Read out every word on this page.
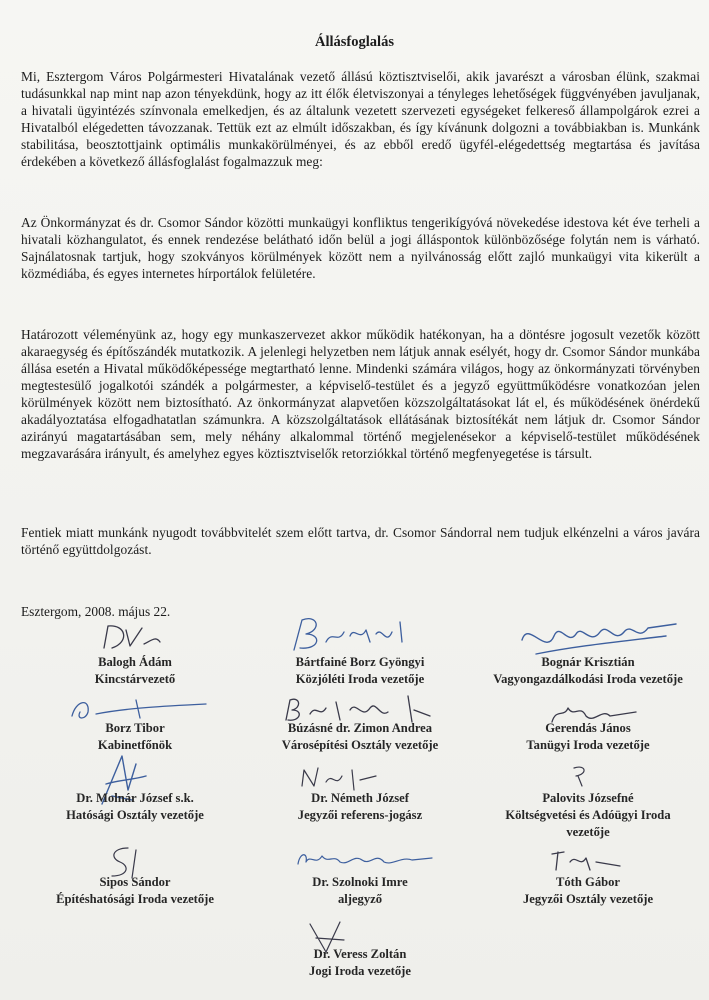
Állásfoglalás

Mi, Esztergom Város Polgármesteri Hivatalának vezető állású köztisztviselői, akik javarészt a városban élünk, szakmai tudásunkkal nap mint nap azon tényekdünk, hogy az itt élők életviszonyai a tényleges lehetőségek függvényében javuljanak, a hivatali ügyintézés színvonala emelkedjen, és az általunk vezetett szervezeti egységeket felkereső állampolgárok ezrei a Hivatalból elégedetten távozzanak. Tettük ezt az elmúlt időszakban, és így kívánunk dolgozni a továbbiakban is. Munkánk stabilitása, beosztottjaink optimális munkakörülményei, és az ebből eredő ügyfél-elégedettség megtartása és javítása érdekében a következő állásfoglalást fogalmazzuk meg:

Az Önkormányzat és dr. Csomor Sándor közötti munkaügyi konfliktus tengerikígyóvá növekedése idestova két éve terheli a hivatali közhangulatot, és ennek rendezése belátható időn belül a jogi álláspontok különbözősége folytán nem is várható. Sajnálatosnak tartjuk, hogy szokványos körülmények között nem a nyilvánosság előtt zajló munkaügyi vita kikerült a közmédiába, és egyes internetes hírportálok felületére.

Határozott véleményünk az, hogy egy munkaszervezet akkor működik hatékonyan, ha a döntésre jogosult vezetők között akaraegység és építőszándék mutatkozik. A jelenlegi helyzetben nem látjuk annak esélyét, hogy dr. Csomor Sándor munkába állása esetén a Hivatal működőképessége megtartható lenne. Mindenki számára világos, hogy az önkormányzati törvényben megtestesülő jogalkotói szándék a polgármester, a képviselő-testület és a jegyző együttműködésre vonatkozóan jelen körülmények között nem biztosítható. Az önkormányzat alapvetően közszolgáltatásokat lát el, és működésének önérdekű akadályoztatása elfogadhatatlan számunkra. A közszolgáltatások ellátásának biztosítékát nem látjuk dr. Csomor Sándor azirányú magatartásában sem, mely néhány alkalommal történő megjelenésekor a képviselő-testület működésének megzavarására irányult, és amelyhez egyes köztisztviselők retorziókkal történő megfenyegetése is társult.

Fentiek miatt munkánk nyugodt továbbvitelét szem előtt tartva, dr. Csomor Sándorral nem tudjuk elkénzelni a város javára történő együttdolgozást.

Esztergom, 2008. május 22.
Balogh Ádám
Kincstárvezető
Bártfainé Borz Gyöngyi
Közjóléti Iroda vezetője
Bognár Krisztián
Vagyongazdálkodási Iroda vezetője
Borz Tibor
Kabinetfőnök
Búzásné dr. Zimon Andrea
Városépítési Osztály vezetője
Gerendás János
Tanügyi Iroda vezetője
Dr. Molnár József s.k.
Hatósági Osztály vezetője
Dr. Németh József
Jegyzői referens-jogász
Palovits Józsefné
Költségvetési és Adóügyi Iroda
vezetője
Sipos Sándor
Építéshatósági Iroda vezetője
Dr. Szolnoki Imre
aljegyző
Tóth Gábor
Jegyzői Osztály vezetője
Dr. Veress Zoltán
Jogi Iroda vezetője
